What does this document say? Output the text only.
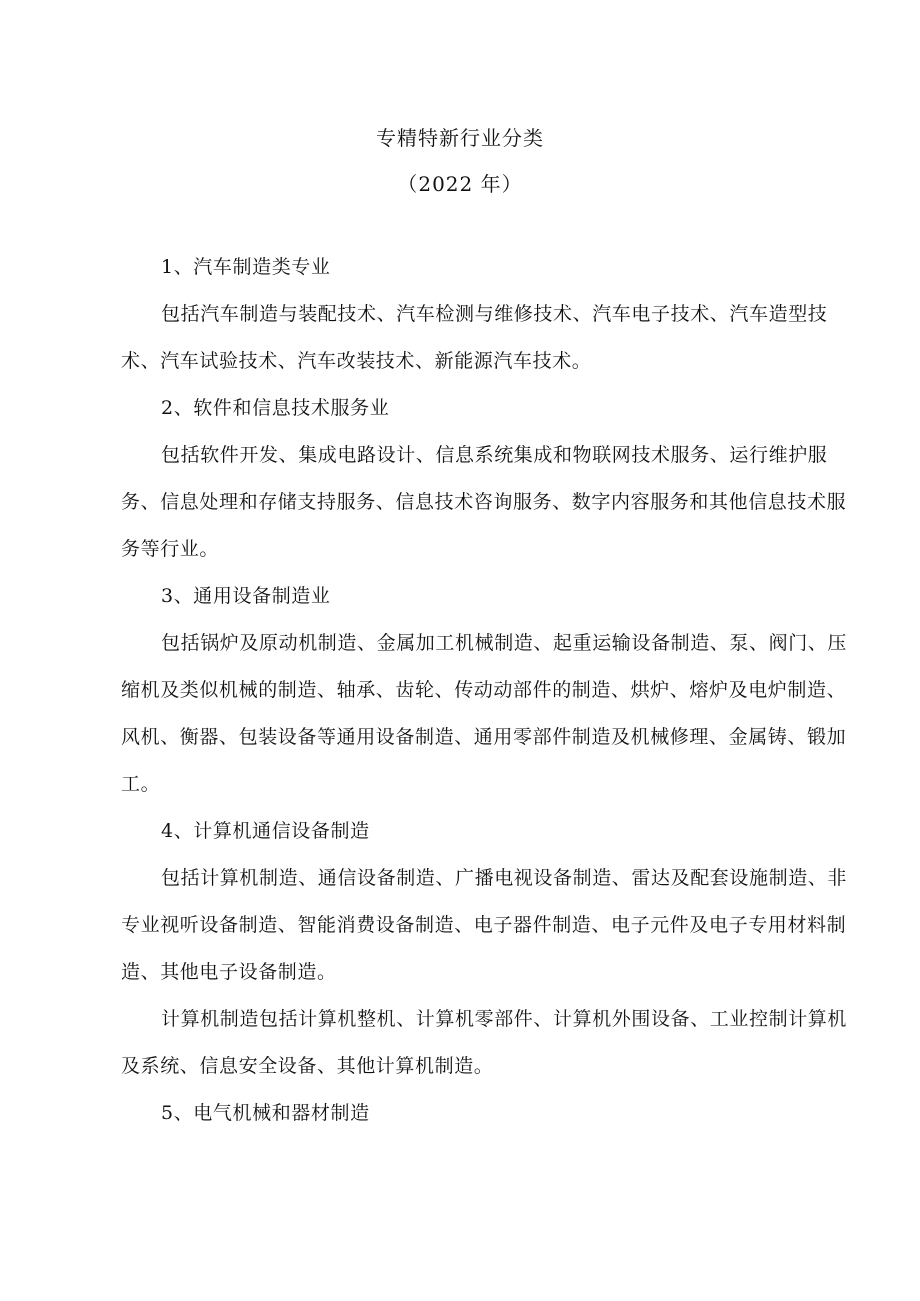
专精特新行业分类
（2022 年）

1、汽车制造类专业

包括汽车制造与装配技术、汽车检测与维修技术、汽车电子技术、汽车造型技术、汽车试验技术、汽车改装技术、新能源汽车技术。

2、软件和信息技术服务业

包括软件开发、集成电路设计、信息系统集成和物联网技术服务、运行维护服务、信息处理和存储支持服务、信息技术咨询服务、数字内容服务和其他信息技术服务等行业。

3、通用设备制造业

包括锅炉及原动机制造、金属加工机械制造、起重运输设备制造、泵、阀门、压缩机及类似机械的制造、轴承、齿轮、传动动部件的制造、烘炉、熔炉及电炉制造、风机、衡器、包装设备等通用设备制造、通用零部件制造及机械修理、金属铸、锻加工。

4、计算机通信设备制造

包括计算机制造、通信设备制造、广播电视设备制造、雷达及配套设施制造、非专业视听设备制造、智能消费设备制造、电子器件制造、电子元件及电子专用材料制造、其他电子设备制造。

计算机制造包括计算机整机、计算机零部件、计算机外围设备、工业控制计算机及系统、信息安全设备、其他计算机制造。

5、电气机械和器材制造
